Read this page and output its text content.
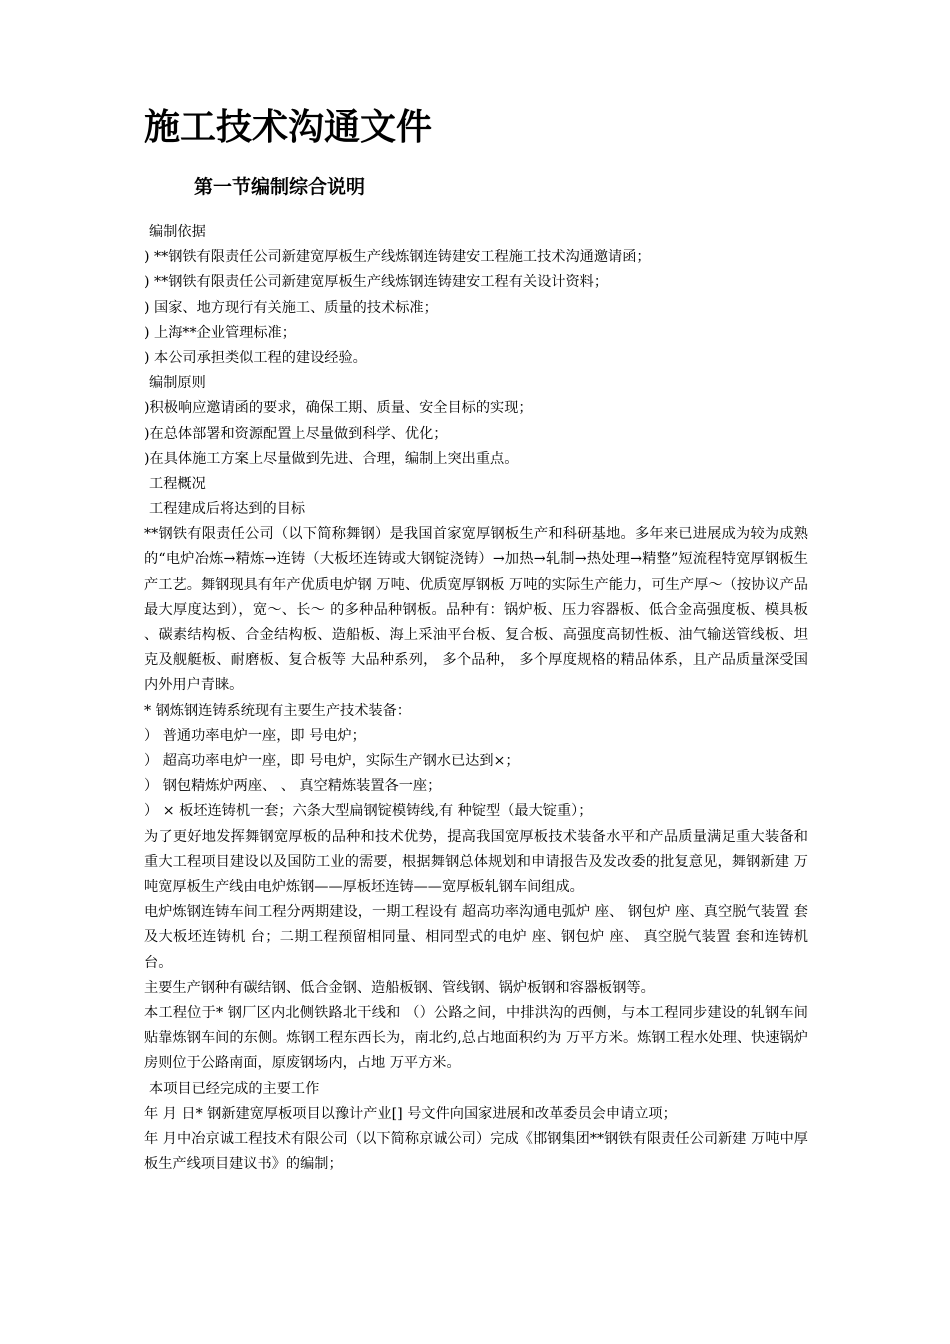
施工技术沟通文件
第一节编制综合说明
编制依据
) **钢铁有限责任公司新建宽厚板生产线炼钢连铸建安工程施工技术沟通邀请函；
) **钢铁有限责任公司新建宽厚板生产线炼钢连铸建安工程有关设计资料；
) 国家、地方现行有关施工、质量的技术标准；
) 上海**企业管理标准；
) 本公司承担类似工程的建设经验。
编制原则
)积极响应邀请函的要求，确保工期、质量、安全目标的实现；
)在总体部署和资源配置上尽量做到科学、优化；
)在具体施工方案上尽量做到先进、合理，编制上突出重点。
工程概况
工程建成后将达到的目标
**钢铁有限责任公司（以下简称舞钢）是我国首家宽厚钢板生产和科研基地。多年来已进展成为较为成熟的“电炉冶炼→精炼→连铸（大板坯连铸或大钢锭浇铸）→加热→轧制→热处理→精整”短流程特宽厚钢板生产工艺。舞钢现具有年产优质电炉钢 万吨、优质宽厚钢板 万吨的实际生产能力，可生产厚～（按协议产品最大厚度达到），宽～、长～ 的多种品种钢板。品种有：锅炉板、压力容器板、低合金高强度板、模具板、碳素结构板、合金结构板、造船板、海上采油平台板、复合板、高强度高韧性板、油气输送管线板、坦克及舰艇板、耐磨板、复合板等 大品种系列， 多个品种， 多个厚度规格的精品体系，且产品质量深受国内外用户青睐。
* 钢炼钢连铸系统现有主要生产技术装备：
） 普通功率电炉一座，即 号电炉；
） 超高功率电炉一座，即 号电炉，实际生产钢水已达到×；
） 钢包精炼炉两座、 、 真空精炼装置各一座；
） × 板坯连铸机一套；六条大型扁钢锭模铸线,有 种锭型（最大锭重）；
为了更好地发挥舞钢宽厚板的品种和技术优势，提高我国宽厚板技术装备水平和产品质量满足重大装备和重大工程项目建设以及国防工业的需要，根据舞钢总体规划和申请报告及发改委的批复意见，舞钢新建 万吨宽厚板生产线由电炉炼钢——厚板坯连铸——宽厚板轧钢车间组成。
电炉炼钢连铸车间工程分两期建设，一期工程设有 超高功率沟通电弧炉 座、 钢包炉 座、真空脱气装置 套及大板坯连铸机 台；二期工程预留相同量、相同型式的电炉 座、钢包炉 座、 真空脱气装置 套和连铸机 台。
主要生产钢种有碳结钢、低合金钢、造船板钢、管线钢、锅炉板钢和容器板钢等。
本工程位于* 钢厂区内北侧铁路北干线和 （）公路之间，中排洪沟的西侧，与本工程同步建设的轧钢车间贴靠炼钢车间的东侧。炼钢工程东西长为，南北约,总占地面积约为 万平方米。炼钢工程水处理、快速锅炉房则位于公路南面，原废钢场内，占地 万平方米。
本项目已经完成的主要工作
年 月 日* 钢新建宽厚板项目以豫计产业[] 号文件向国家进展和改革委员会申请立项；
年 月中冶京诚工程技术有限公司（以下简称京诚公司）完成《邯钢集团**钢铁有限责任公司新建 万吨中厚板生产线项目建议书》的编制；
